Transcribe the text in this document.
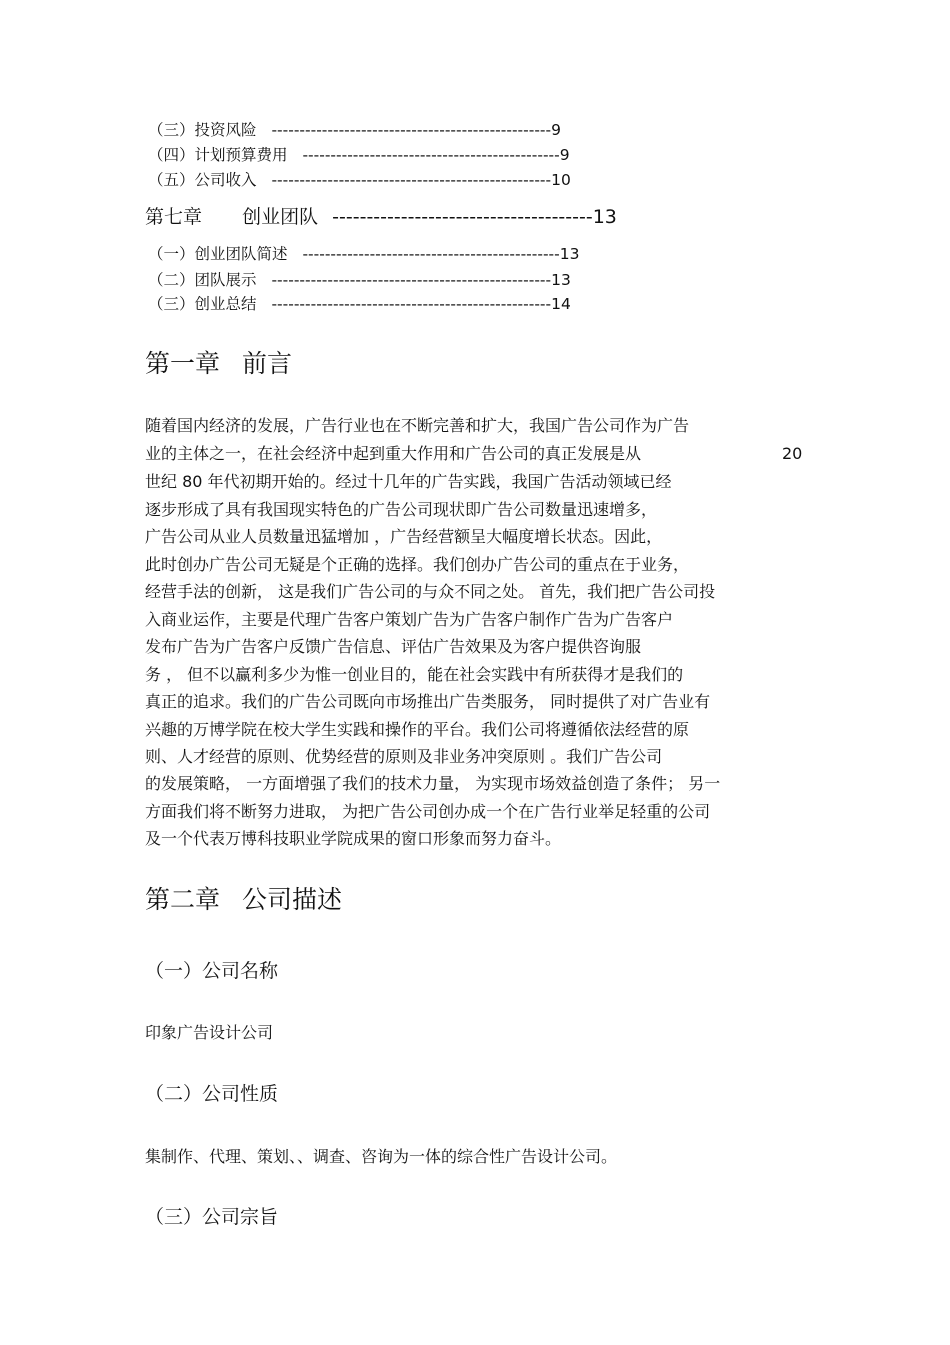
（三）投资风险 --------------------------------------------------9
（四）计划预算费用 ----------------------------------------------9
（五）公司收入 --------------------------------------------------10
第七章 创业团队 --------------------------------------13
（一）创业团队简述 ----------------------------------------------13
（二）团队展示 --------------------------------------------------13
（三）创业总结 --------------------------------------------------14
第一章 前言
随着国内经济的发展，广告行业也在不断完善和扩大，我国广告公司作为广告
业的主体之一，在社会经济中起到重大作用和广告公司的真正发展是从	20
世纪 80 年代初期开始的。经过十几年的广告实践，我国广告活动领域已经
逐步形成了具有我国现实特色的广告公司现状即广告公司数量迅速增多，
广告公司从业人员数量迅猛增加 ，广告经营额呈大幅度增长状态。因此，
此时创办广告公司无疑是个正确的选择。我们创办广告公司的重点在于业务，
经营手法的创新， 这是我们广告公司的与众不同之处。 首先，我们把广告公司投
入商业运作，主要是代理广告客户策划广告为广告客户制作广告为广告客户
发布广告为广告客户反馈广告信息、评估广告效果及为客户提供咨询服
务 ， 但不以赢利多少为惟一创业目的，能在社会实践中有所获得才是我们的
真正的追求。我们的广告公司既向市场推出广告类服务， 同时提供了对广告业有
兴趣的万博学院在校大学生实践和操作的平台。我们公司将遵循依法经营的原
则、人才经营的原则、优势经营的原则及非业务冲突原则 。我们广告公司
的发展策略， 一方面增强了我们的技术力量， 为实现市场效益创造了条件； 另一
方面我们将不断努力进取， 为把广告公司创办成一个在广告行业举足轻重的公司
及一个代表万博科技职业学院成果的窗口形象而努力奋斗。
第二章 公司描述
（一）公司名称
印象广告设计公司
（二）公司性质
集制作、代理、策划、、调查、咨询为一体的综合性广告设计公司。
（三）公司宗旨
